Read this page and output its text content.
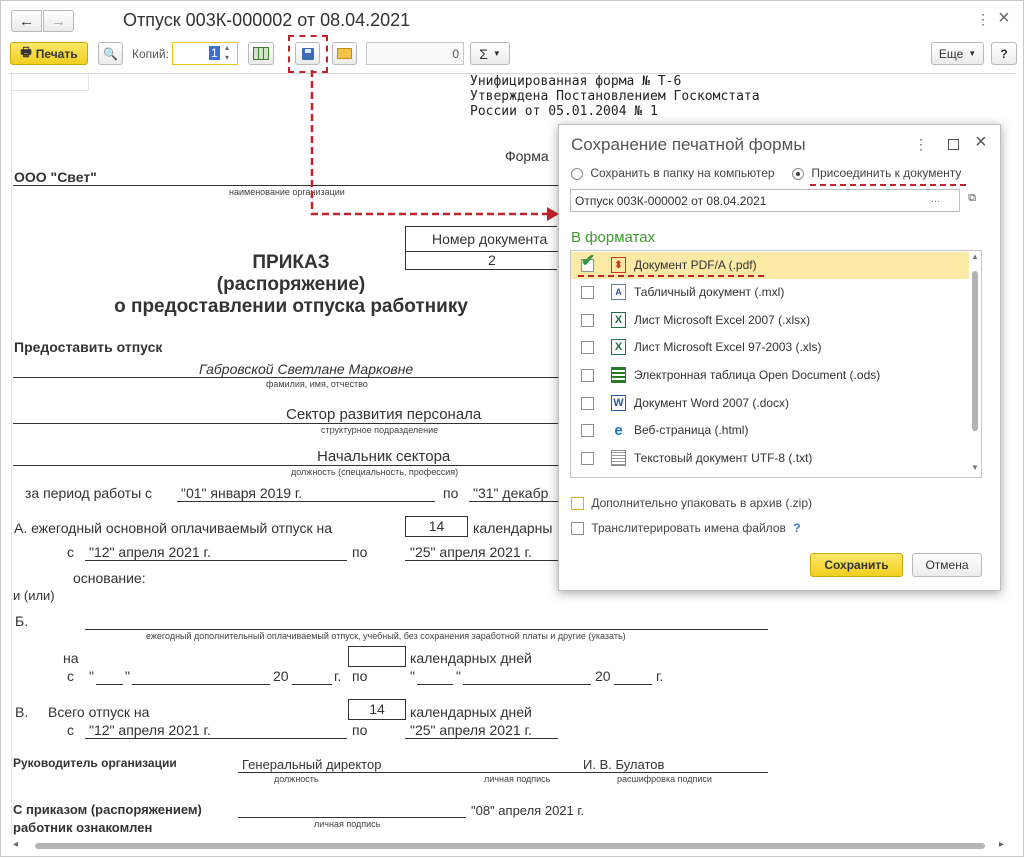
← →	Отпуск 003К-000002 от 08.04.2021	⋮ ×
🖶 Печать 🔍 Копий:	1 ▴
▾	0 Σ ▼	Еще ▼ ?
Унифицированная форма № Т-6
Утверждена Постановлением Госкомстата
России от 05.01.2004 № 1
Форма
ООО "Свет"
наименование организации
Номер документа
2
ПРИКАЗ
(распоряжение)
о предоставлении отпуска работнику
Предоставить отпуск
Габровской Светлане Марковне
фамилия, имя, отчество
Сектор развития персонала
структурное подразделение
Начальник сектора
должность (специальность, профессия)
за период работы с "01" января 2019 г.	по "31" декабр
А. ежегодный основной оплачиваемый отпуск на	14	календарны
с "12" апреля 2021 г.	по	"25" апреля 2021 г.
основание:
и (или)
Б.
ежегодный дополнительный оплачиваемый отпуск, учебный, без сохранения заработной платы и другие (указать)
на	календарных дней
с " "	20	г. по	"	"	20	г.
В. Всего отпуск на	14	календарных дней
с "12" апреля 2021 г.	по	"25" апреля 2021 г.
Руководитель организации	Генеральный директор	И. В. Булатов
должность	личная подпись	расшифровка подписи
С приказом (распоряжением)
работник ознакомлен
"08" апреля 2021 г.
личная подпись
◂	▸
Сохранение печатной формы	⋮ ×
Сохранить в папку на компьютер	Присоединить к документу
Отпуск 003К-000002 от 08.04.2021	...	⧉
В форматах
✔	⬍ Документ PDF/A (.pdf)
A	Табличный документ (.mxl)
X Лист Microsoft Excel 2007 (.xlsx)
X Лист Microsoft Excel 97-2003 (.xls)
Электронная таблица Open Document (.ods)
W Документ Word 2007 (.docx)
e Веб-страница (.html)
Текстовый документ UTF-8 (.txt)
▲
▼
Дополнительно упаковать в архив (.zip)
Транслитерировать имена файлов ?
Сохранить	Отмена
